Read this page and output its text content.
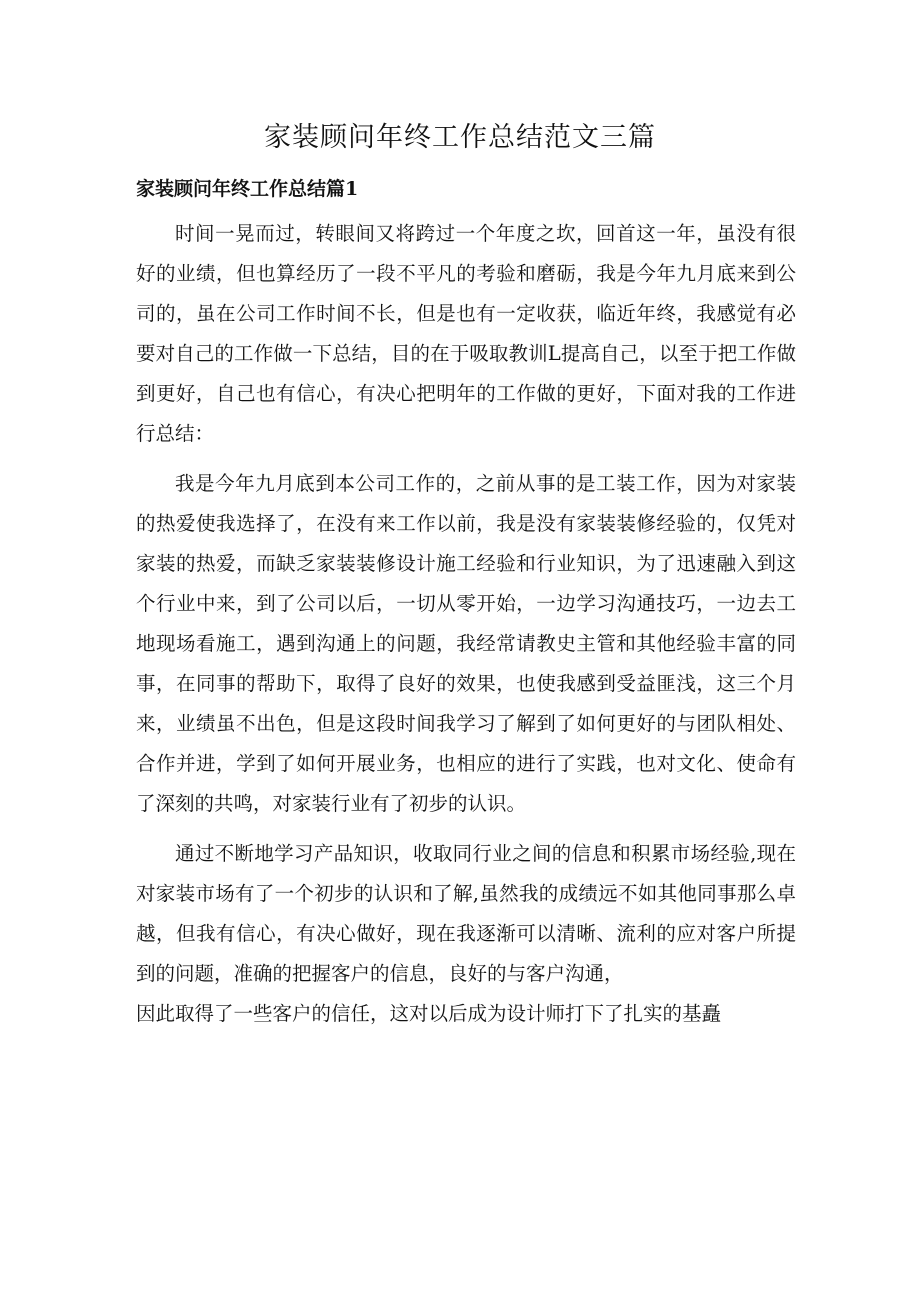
家装顾问年终工作总结范文三篇
家装顾问年终工作总结篇1

时间一晃而过，转眼间又将跨过一个年度之坎，回首这一年，虽没有很好的业绩，但也算经历了一段不平凡的考验和磨砺，我是今年九月底来到公司的，虽在公司工作时间不长，但是也有一定收获，临近年终，我感觉有必要对自己的工作做一下总结，目的在于吸取教训L提高自己，以至于把工作做到更好，自己也有信心，有决心把明年的工作做的更好，下面对我的工作进行总结：

我是今年九月底到本公司工作的，之前从事的是工装工作，因为对家装的热爱使我选择了，在没有来工作以前，我是没有家装装修经验的，仅凭对家装的热爱，而缺乏家装装修设计施工经验和行业知识，为了迅速融入到这个行业中来，到了公司以后，一切从零开始，一边学习沟通技巧，一边去工地现场看施工，遇到沟通上的问题，我经常请教史主管和其他经验丰富的同事，在同事的帮助下，取得了良好的效果，也使我感到受益匪浅，这三个月来，业绩虽不出色，但是这段时间我学习了解到了如何更好的与团队相处、合作并进，学到了如何开展业务，也相应的进行了实践，也对文化、使命有了深刻的共鸣，对家装行业有了初步的认识。

通过不断地学习产品知识，收取同行业之间的信息和积累市场经验,现在对家装市场有了一个初步的认识和了解,虽然我的成绩远不如其他同事那么卓越，但我有信心，有决心做好，现在我逐渐可以清晰、流利的应对客户所提到的问题，准确的把握客户的信息，良好的与客户沟通，

因此取得了一些客户的信任，这对以后成为设计师打下了扎实的基矗
